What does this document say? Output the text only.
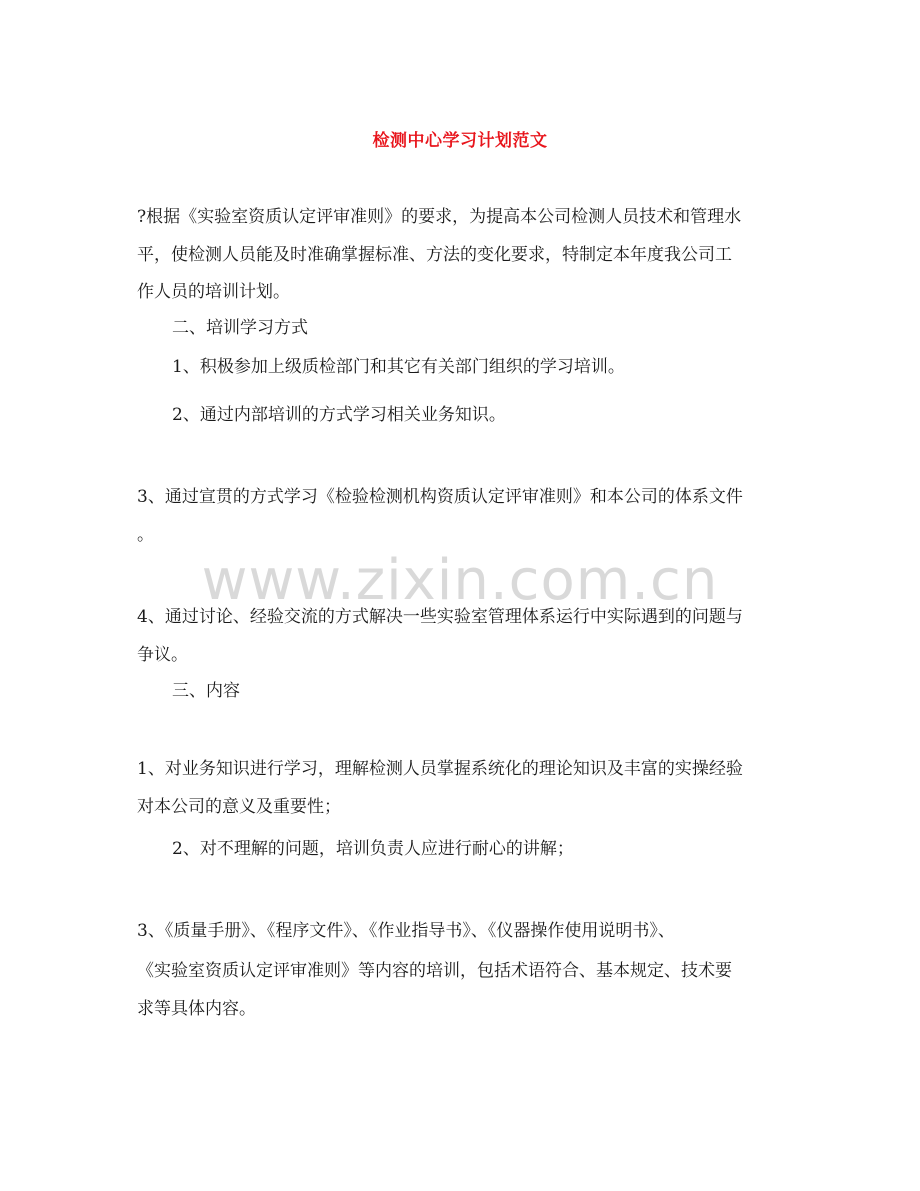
检测中心学习计划范文
www.zixin.com.cn
?根据《实验室资质认定评审准则》的要求，为提高本公司检测人员技术和管理水
平，使检测人员能及时准确掌握标准、方法的变化要求，特制定本年度我公司工
作人员的培训计划。
二、培训学习方式
1、积极参加上级质检部门和其它有关部门组织的学习培训。
2、通过内部培训的方式学习相关业务知识。
3、通过宣贯的方式学习《检验检测机构资质认定评审准则》和本公司的体系文件
。
4、通过讨论、经验交流的方式解决一些实验室管理体系运行中实际遇到的问题与
争议。
三、内容
1、对业务知识进行学习，理解检测人员掌握系统化的理论知识及丰富的实操经验
对本公司的意义及重要性；
2、对不理解的问题，培训负责人应进行耐心的讲解；
3、《质量手册》、《程序文件》、《作业指导书》、《仪器操作使用说明书》、
《实验室资质认定评审准则》等内容的培训，包括术语符合、基本规定、技术要
求等具体内容。
